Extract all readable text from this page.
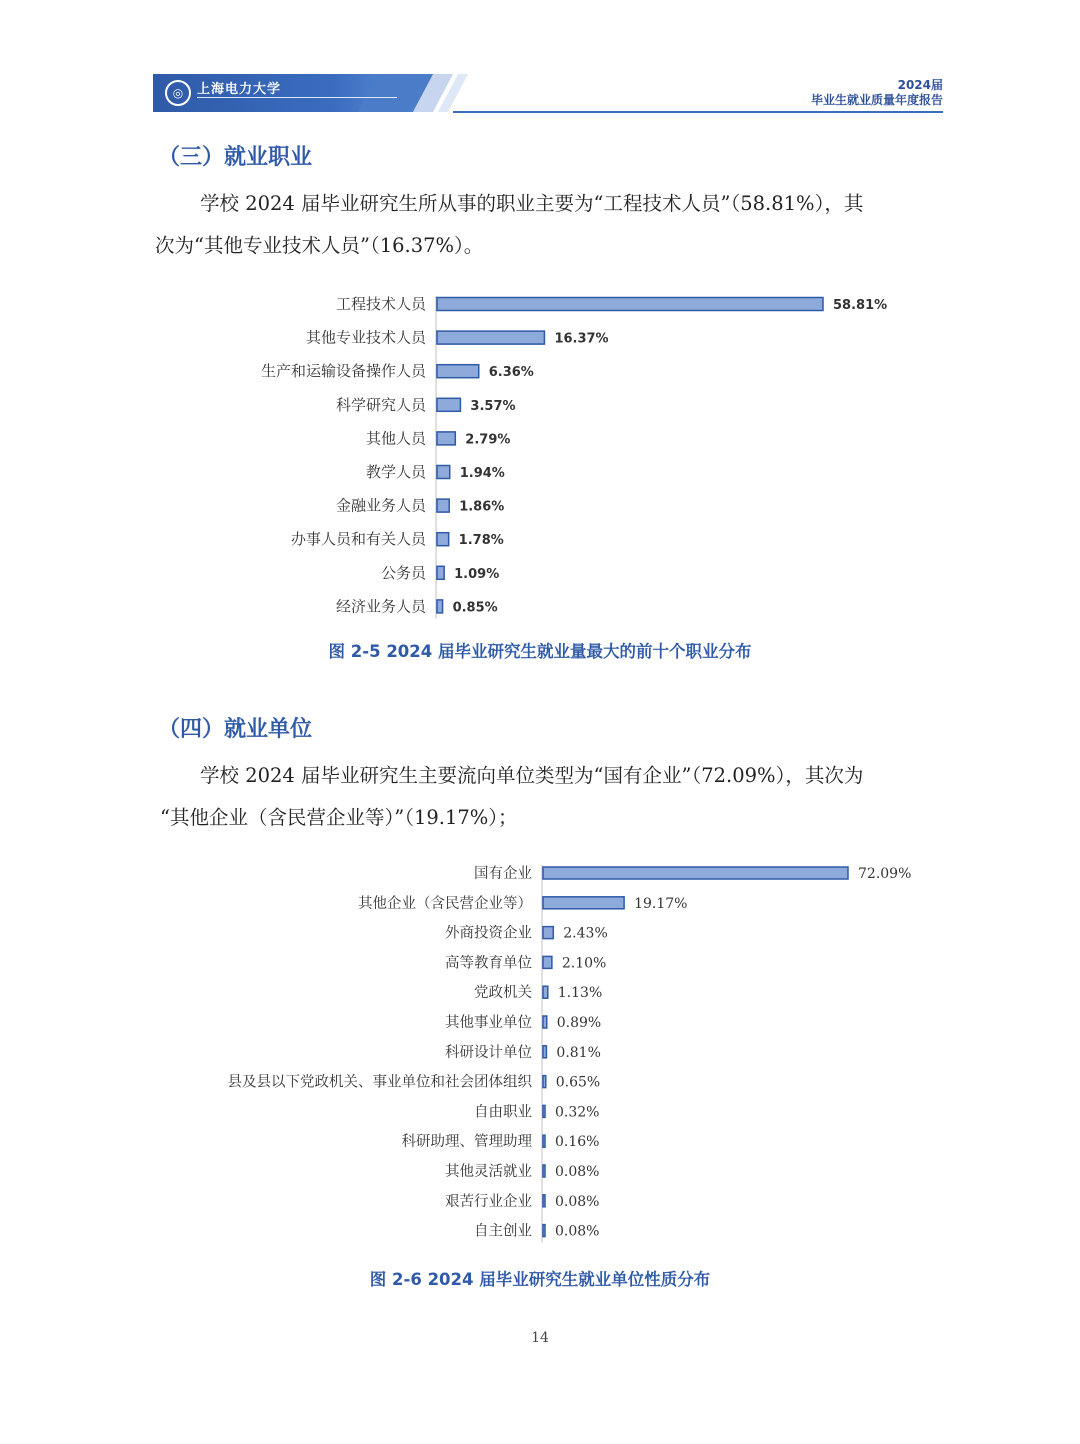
◎	上海电力大学	2024届
毕业生就业质量年度报告
（三）就业职业

学校 2024 届毕业研究生所从事的职业主要为“工程技术人员”（58.81%），其
次为“其他专业技术人员”（16.37%）。

工程技术人员	58.81%
其他专业技术人员	16.37%
生产和运输设备操作人员	6.36%
科学研究人员	3.57%
其他人员	2.79%
教学人员	1.94%
金融业务人员	1.86%
办事人员和有关人员	1.78%
公务员 1.09%
经济业务人员 0.85%
图 2-5 2024 届毕业研究生就业量最大的前十个职业分布
（四）就业单位

学校 2024 届毕业研究生主要流向单位类型为“国有企业”（72.09%），其次为
“其他企业（含民营企业等）”（19.17%）；

国有企业	72.09%
其他企业（含民营企业等）	19.17%
外商投资企业 2.43%
高等教育单位 2.10%
党政机关 1.13%
其他事业单位 0.89%
科研设计单位 0.81%
县及县以下党政机关、事业单位和社会团体组织 0.65%
自由职业 0.32%
科研助理、管理助理 0.16%
其他灵活就业 0.08%
艰苦行业企业 0.08%
自主创业 0.08%
图 2-6 2024 届毕业研究生就业单位性质分布
14
